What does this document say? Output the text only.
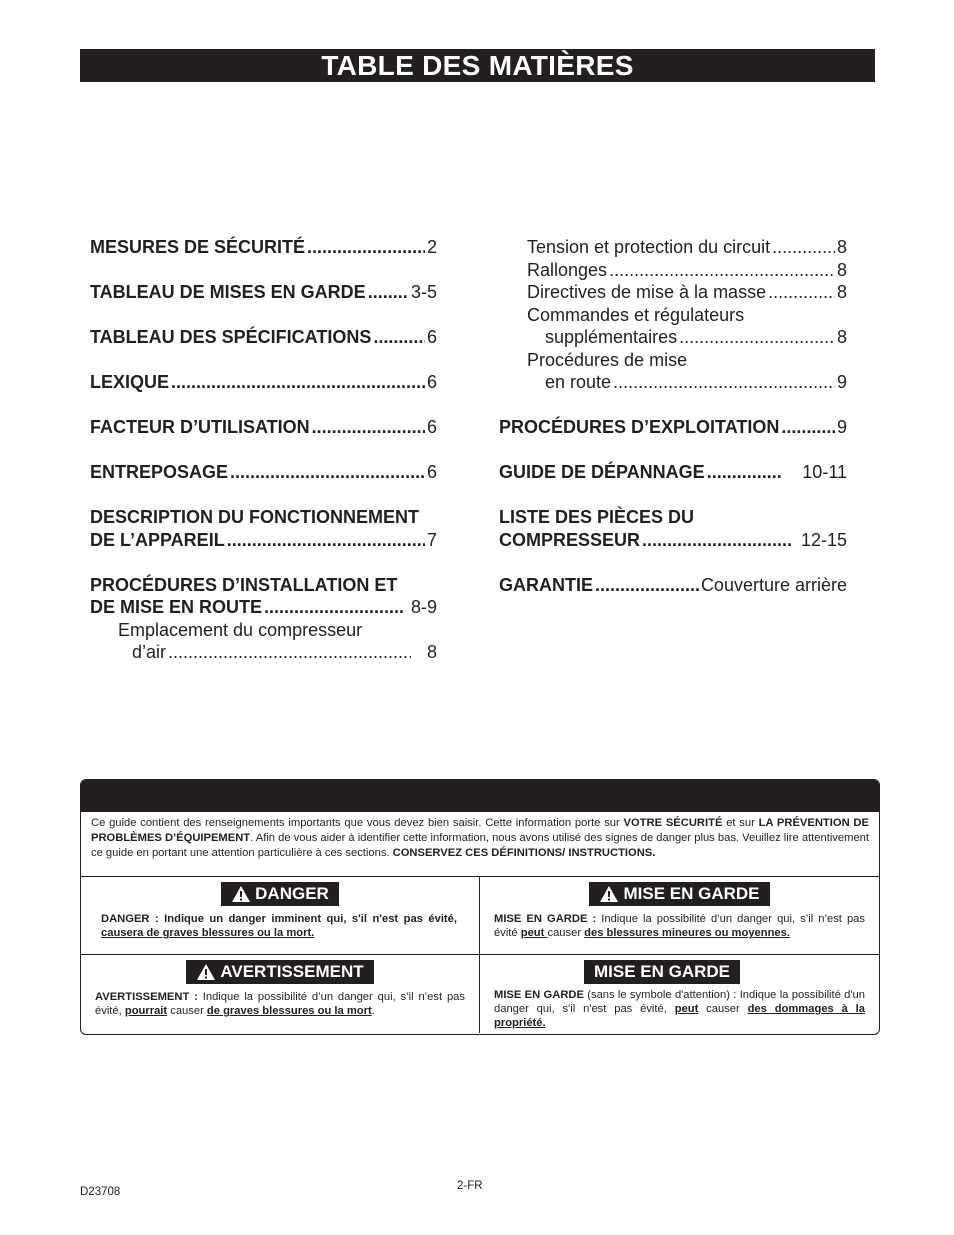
TABLE DES MATIÈRES
MESURES DE SÉCURITÉ .....	2
TABLEAU DE MISES EN GARDE .....	3-5
TABLEAU DES SPÉCIFICATIONS .....	6
LEXIQUE .....	6
FACTEUR D’UTILISATION .....	6
ENTREPOSAGE .....	6
DESCRIPTION DU FONCTIONNEMENT
DE L’APPAREIL .....	7
PROCÉDURES D’INSTALLATION ET
DE MISE EN ROUTE .....	8-9
Emplacement du compresseur
d’air .....	8
Tension et protection du circuit .....	8
Rallonges .....	8
Directives de mise à la masse .....	8
Commandes et régulateurs
supplémentaires .....	8
Procédures de mise
en route .....	9
PROCÉDURES D’EXPLOITATION .....	9
GUIDE DE DÉPANNAGE .....	10-11
LISTE DES PIÈCES DU
COMPRESSEUR .....	12-15
GARANTIE .....	Couverture arrière
Ce guide contient des renseignements importants que vous devez bien saisir. Cette information porte sur VOTRE SÉCURITÉ et sur LA PRÉVENTION DE PROBLÈMES D’ÉQUIPEMENT. Afin de vous aider à identifier cette information, nous avons utilisé des signes de danger plus bas. Veuillez lire attentivement ce guide en portant une attention particulière à ces sections. CONSERVEZ CES DÉFINITIONS/ INSTRUCTIONS.
DANGER
DANGER : Indique un danger imminent qui, s'il n'est pas évité, causera de graves blessures ou la mort.
MISE EN GARDE
MISE EN GARDE : Indique la possibilité d’un danger qui, s’il n’est pas évité peut causer des blessures mineures ou moyennes.
AVERTISSEMENT
AVERTISSEMENT : Indique la possibilité d’un danger qui, s’il n’est pas évité, pourrait causer de graves blessures ou la mort.
MISE EN GARDE
MISE EN GARDE (sans le symbole d'attention) : Indique la possibilité d'un danger qui, s'il n'est pas évité, peut causer des dommages à la propriété.
D23708	2-FR
